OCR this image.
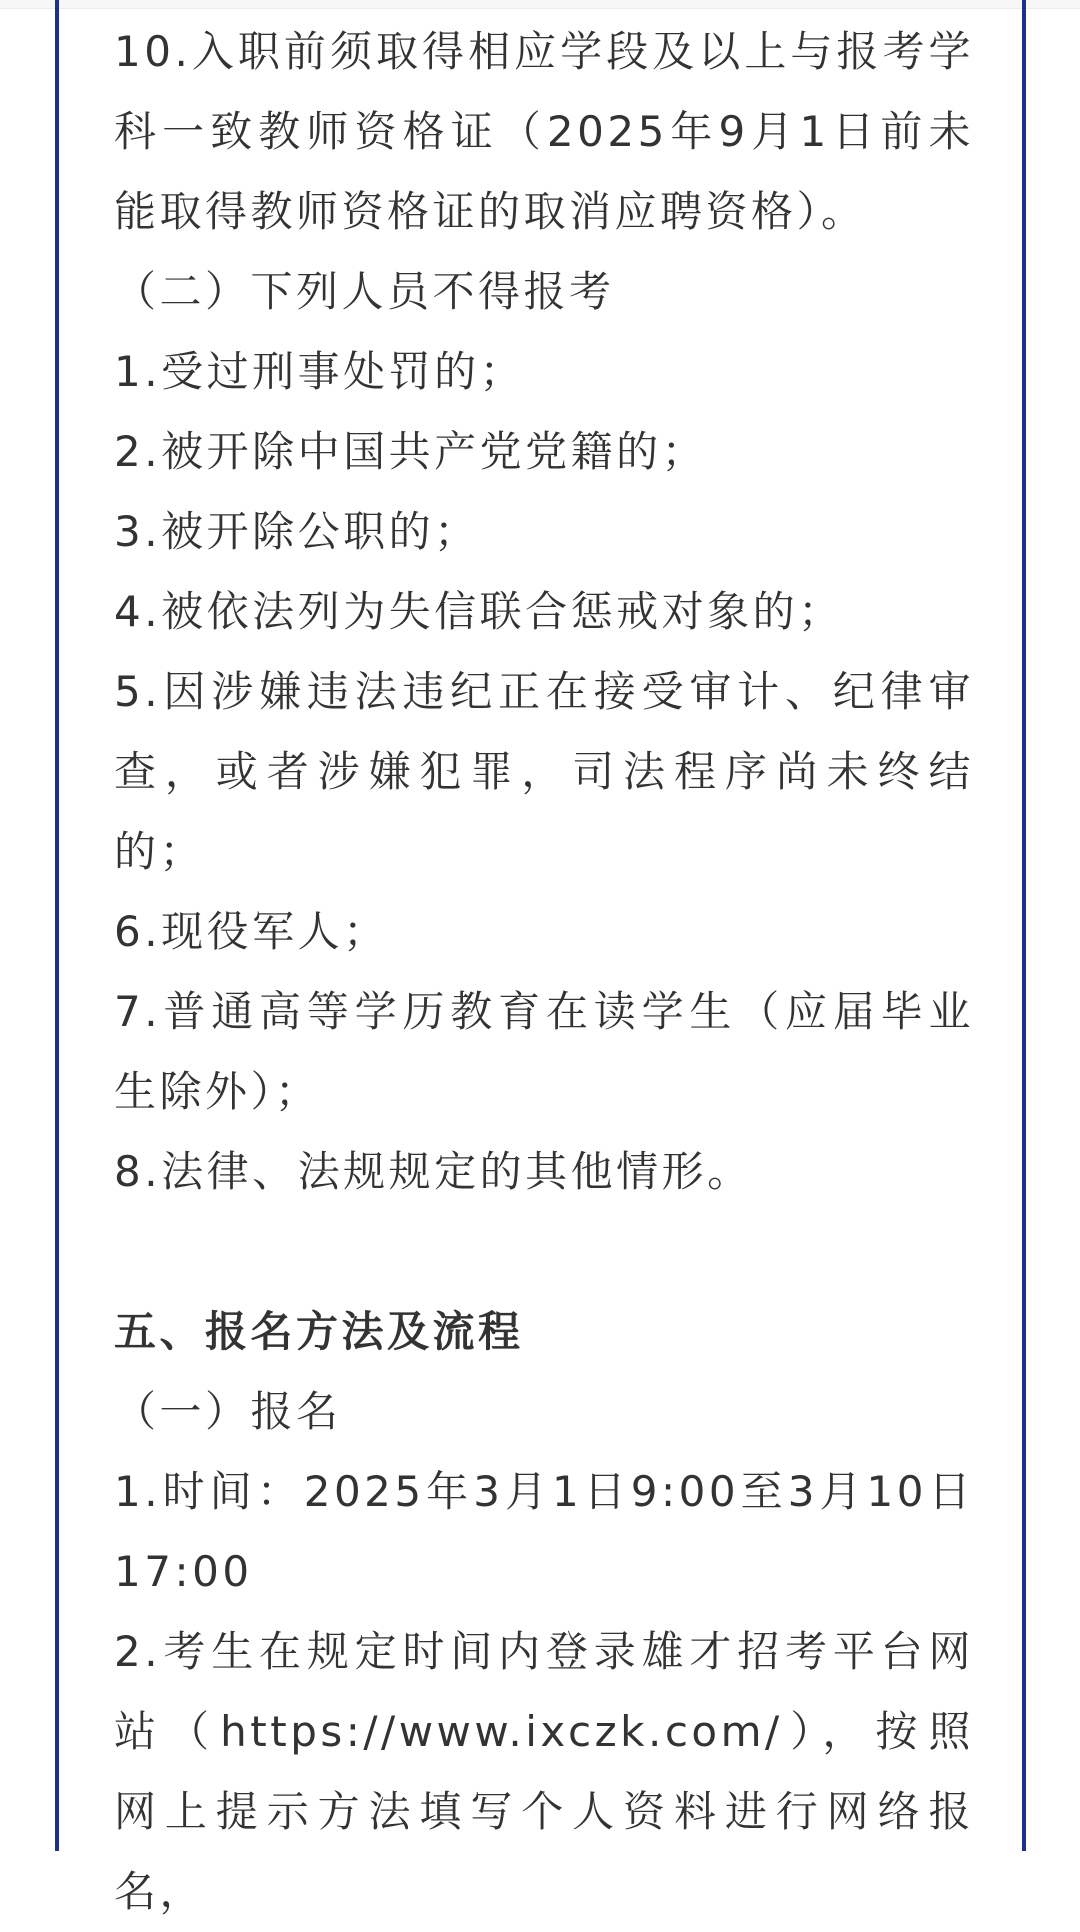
10.入职前须取得相应学段及以上与报考学科一致教师资格证（2025年9月1日前未能取得教师资格证的取消应聘资格）。

（二）下列人员不得报考

1.受过刑事处罚的；

2.被开除中国共产党党籍的；

3.被开除公职的；

4.被依法列为失信联合惩戒对象的；

5.因涉嫌违法违纪正在接受审计、纪律审查，或者涉嫌犯罪，司法程序尚未终结的；

6.现役军人；

7.普通高等学历教育在读学生（应届毕业生除外）；

8.法律、法规规定的其他情形。

五、报名方法及流程

（一）报名

1.时间：2025年3月1日9:00至3月10日17:00

2.考生在规定时间内登录雄才招考平台网站（https://www.ixczk.com/），按照网上提示方法填写个人资料进行网络报名，
